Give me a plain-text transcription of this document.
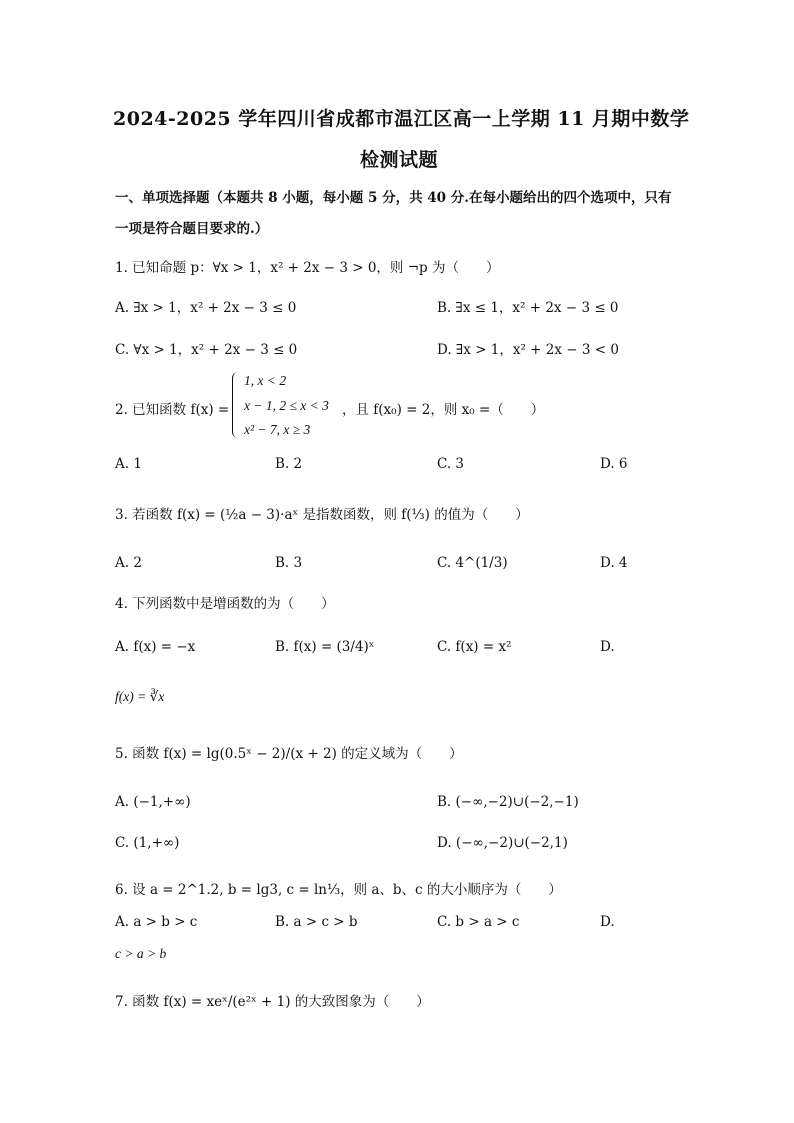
2024-2025 学年四川省成都市温江区高一上学期 11 月期中数学
检测试题
一、单项选择题（本题共 8 小题，每小题 5 分，共 40 分.在每小题给出的四个选项中，只有
一项是符合题目要求的.）
1. 已知命题 p：∀x > 1，x² + 2x − 3 > 0，则 ¬p 为（　　）
A. ∃x > 1，x² + 2x − 3 ≤ 0	B. ∃x ≤ 1，x² + 2x − 3 ≤ 0
C. ∀x > 1，x² + 2x − 3 ≤ 0	D. ∃x > 1，x² + 2x − 3 < 0
2. 已知函数 f(x) =
1, x < 2
x − 1, 2 ≤ x < 3
x² − 7, x ≥ 3
，且 f(x₀) = 2，则 x₀ =（　　）
A. 1	B. 2	C. 3	D. 6
3. 若函数 f(x) = (½a − 3)·aˣ 是指数函数，则 f(⅓) 的值为（　　）
A. 2	B. 3	C. 4^(1/3)	D. 4
4. 下列函数中是增函数的为（　　）
A. f(x) = −x	B. f(x) = (3/4)ˣ	C. f(x) = x²	D.
f(x) = ∛x
5. 函数 f(x) = lg(0.5ˣ − 2)/(x + 2) 的定义域为（　　）
A. (−1,+∞)	B. (−∞,−2)∪(−2,−1)
C. (1,+∞)	D. (−∞,−2)∪(−2,1)
6. 设 a = 2^1.2, b = lg3, c = ln⅓，则 a、b、c 的大小顺序为（　　）
A. a > b > c	B. a > c > b	C. b > a > c	D.
c > a > b
7. 函数 f(x) = xeˣ/(e²ˣ + 1) 的大致图象为（　　）
